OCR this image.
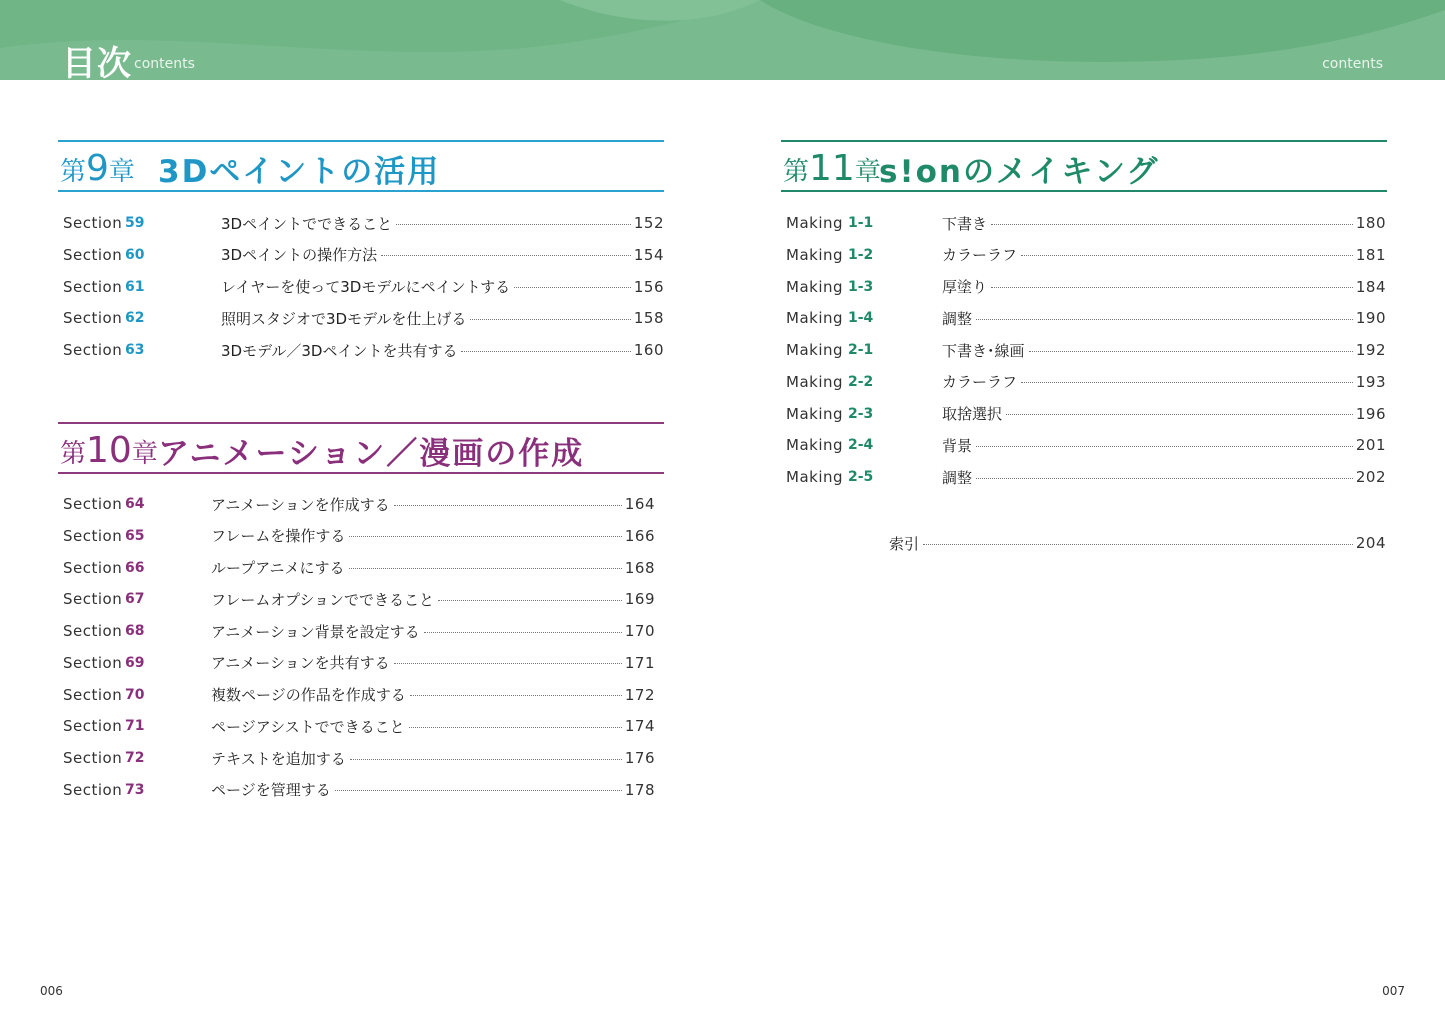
目次 contents	contents
第9章 3Dペイントの活用
Section 59	3Dペイントでできること	152
Section 60	3Dペイントの操作方法	154
Section 61	レイヤーを使って3Dモデルにペイントする	156
Section 62	照明スタジオで3Dモデルを仕上げる	158
Section 63	3Dモデル／3Dペイントを共有する	160
第10章 アニメーション／漫画の作成
Section 64	アニメーションを作成する	164
Section 65	フレームを操作する	166
Section 66	ループアニメにする	168
Section 67	フレームオプションでできること	169
Section 68	アニメーション背景を設定する	170
Section 69	アニメーションを共有する	171
Section 70	複数ページの作品を作成する	172
Section 71	ページアシストでできること	174
Section 72	テキストを追加する	176
Section 73	ページを管理する	178
第11章
s!onのメイキング
Making 1-1	下書き	180
Making 1-2	カラーラフ	181
Making 1-3	厚塗り	184
Making 1-4	調整	190
Making 2-1	下書き･線画	192
Making 2-2	カラーラフ	193
Making 2-3	取捨選択	196
Making 2-4	背景	201
Making 2-5	調整	202
索引	204
006	007
